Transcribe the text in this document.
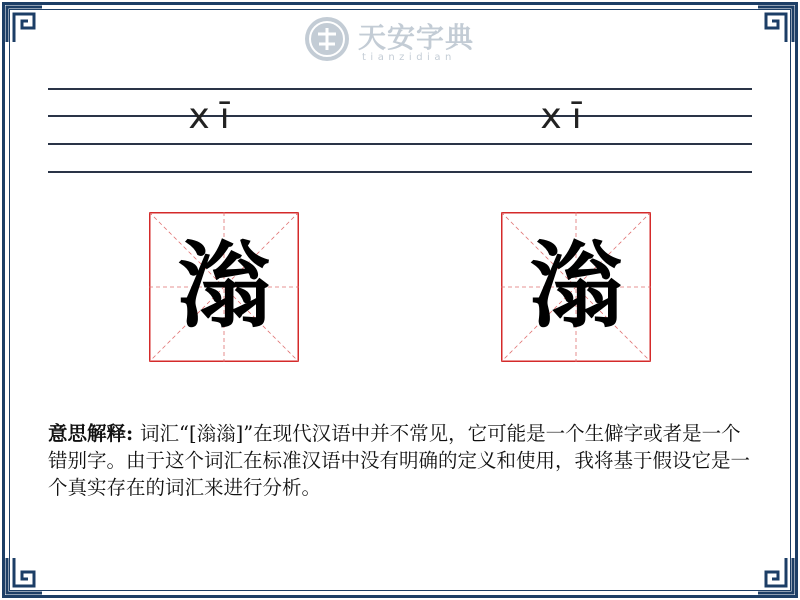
天安字典
tianzidian
xī	xī
滃	滃
意思解释: 词汇“[滃滃]”在现代汉语中并不常见，它可能是一个生僻字或者是一个错别字。由于这个词汇在标准汉语中没有明确的定义和使用，我将基于假设它是一个真实存在的词汇来进行分析。
